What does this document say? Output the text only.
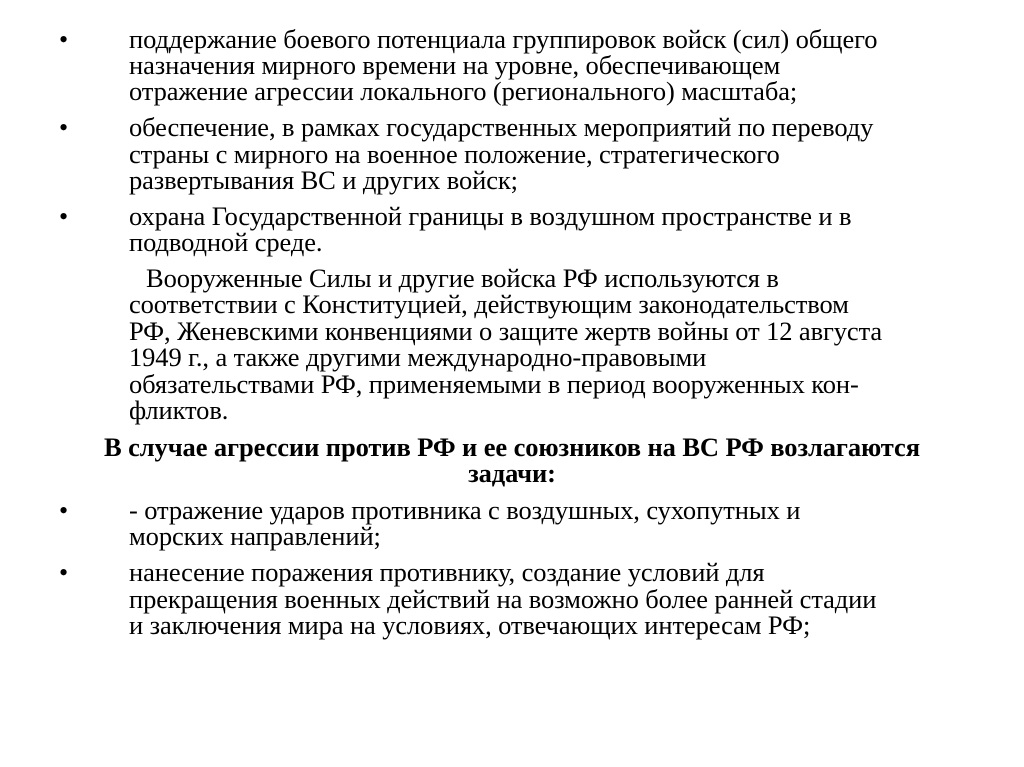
• поддержание боевого потенциала группировок войск (сил) общего
назначения мирного времени на уровне, обеспечивающем
отражение агрессии локального (регионального) масштаба;
• обеспечение, в рамках государственных мероприятий по переводу
страны с мирного на военное положение, стратегического
развертывания ВС и других войск;
• охрана Государственной границы в воздушном пространстве и в
подводной среде.
Вооруженные Силы и другие войска РФ используются в
соответствии с Конституцией, действующим законодательством
РФ, Женевскими конвенциями о защите жертв войны от 12 августа
1949 г., а также другими международно-правовыми
обязательствами РФ, применяемыми в период вооруженных кон-
фликтов.
В случае агрессии против РФ и ее союзников на ВС РФ возлагаются
задачи:
• - отражение ударов противника с воздушных, сухопутных и
морских направлений;
• нанесение поражения противнику, создание условий для
прекращения военных действий на возможно более ранней стадии
и заключения мира на условиях, отвечающих интересам РФ;
